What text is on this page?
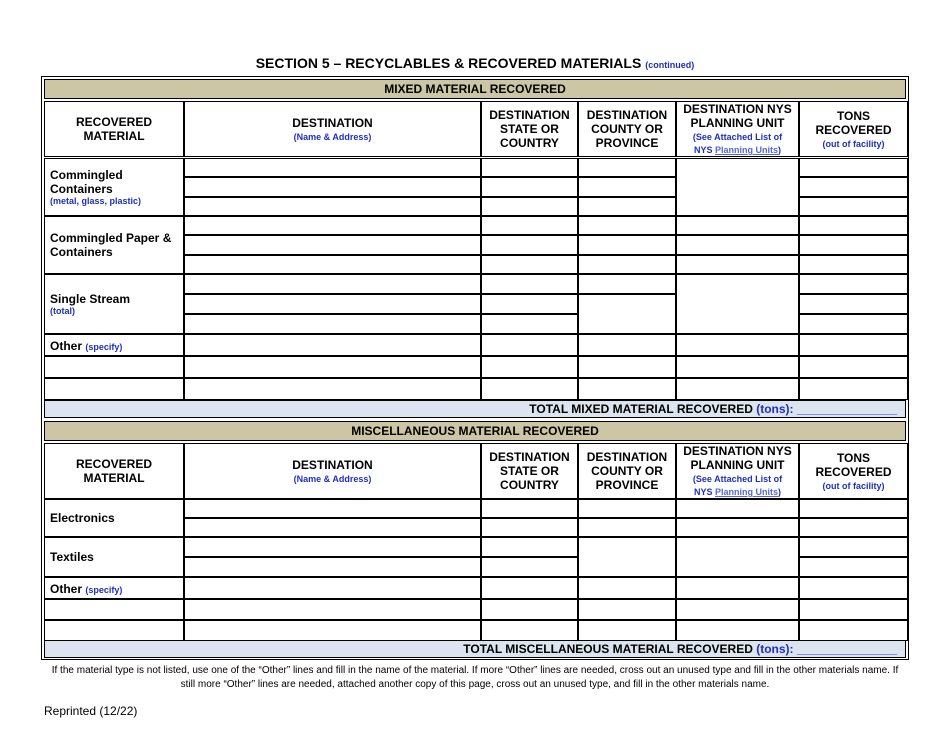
SECTION 5 – RECYCLABLES & RECOVERED MATERIALS (continued)
MIXED MATERIAL RECOVERED
RECOVERED
MATERIAL
DESTINATION
(Name & Address)
DESTINATION
STATE OR
COUNTRY
DESTINATION
COUNTY OR
PROVINCE
DESTINATION NYS
PLANNING UNIT
(See Attached List of
NYS Planning Units)
TONS
RECOVERED
(out of facility)
Commingled Containers
(metal, glass, plastic)
Commingled Paper & Containers
Single Stream
(total)
Other (specify)
TOTAL MIXED MATERIAL RECOVERED (tons): _______________
MISCELLANEOUS MATERIAL RECOVERED
RECOVERED
MATERIAL
DESTINATION
(Name & Address)
DESTINATION
STATE OR
COUNTRY
DESTINATION
COUNTY OR
PROVINCE
DESTINATION NYS
PLANNING UNIT
(See Attached List of
NYS Planning Units)
TONS
RECOVERED
(out of facility)
Electronics
Textiles
Other (specify)
TOTAL MISCELLANEOUS MATERIAL RECOVERED (tons): _______________
If the material type is not listed, use one of the “Other” lines and fill in the name of the material. If more “Other” lines are needed, cross out an unused type and fill in the other materials name. If still more “Other” lines are needed, attached another copy of this page, cross out an unused type, and fill in the other materials name.
Reprinted (12/22)
